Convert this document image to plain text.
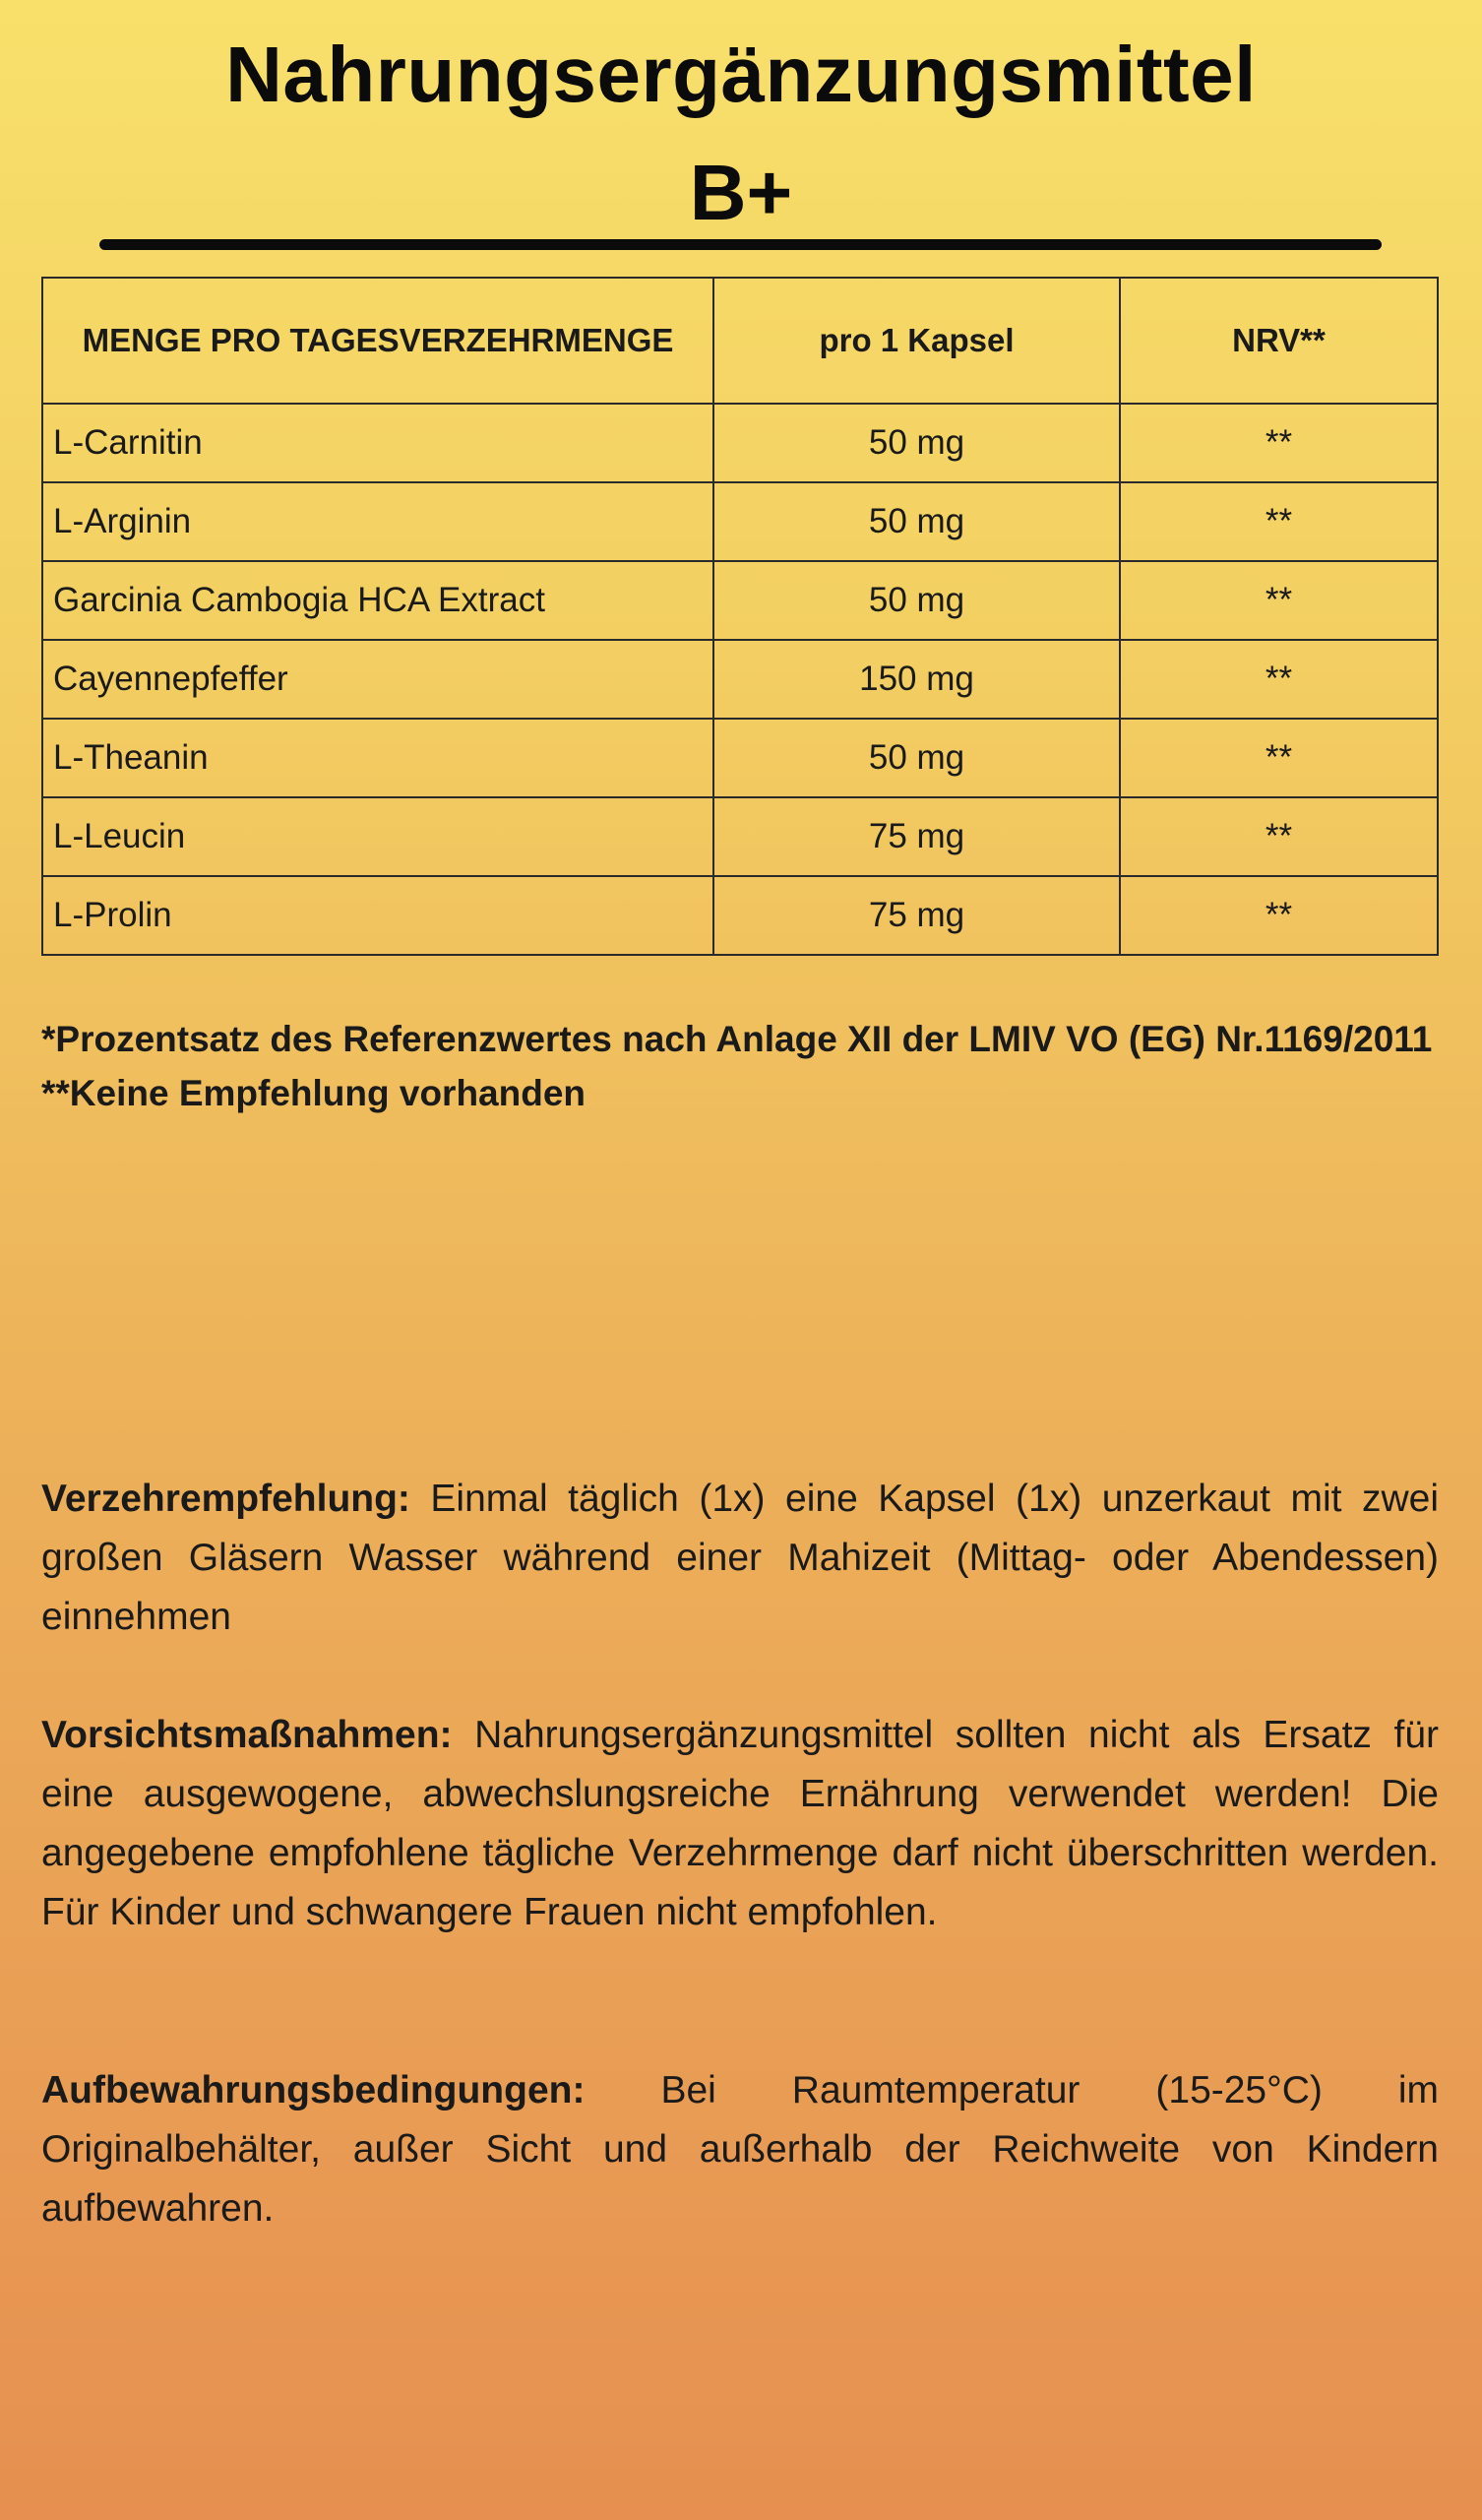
Nahrungsergänzungsmittel
B+
MENGE PRO TAGESVERZEHRMENGE	pro 1 Kapsel	NRV**
L-Carnitin	50 mg	**
L-Arginin	50 mg	**
Garcinia Cambogia HCA Extract	50 mg	**
Cayennepfeffer	150 mg	**
L-Theanin	50 mg	**
L-Leucin	75 mg	**
L-Prolin	75 mg	**
*Prozentsatz des Referenzwertes nach Anlage XII der LMIV VO (EG) Nr.1169/2011
**Keine Empfehlung vorhanden
Verzehrempfehlung: Einmal täglich (1x) eine Kapsel (1x) unzerkaut mit zwei großen Gläsern Wasser während einer Mahizeit (Mittag- oder Abendessen) einnehmen
Vorsichtsmaßnahmen: Nahrungsergänzungsmittel sollten nicht als Ersatz für eine ausgewogene, abwechslungsreiche Ernährung verwendet werden! Die angegebene empfohlene tägliche Verzehrmenge darf nicht überschritten werden. Für Kinder und schwangere Frauen nicht empfohlen.
Aufbewahrungsbedingungen: Bei Raumtemperatur (15-25°C) im Originalbehälter, außer Sicht und außerhalb der Reichweite von Kindern aufbewahren.
